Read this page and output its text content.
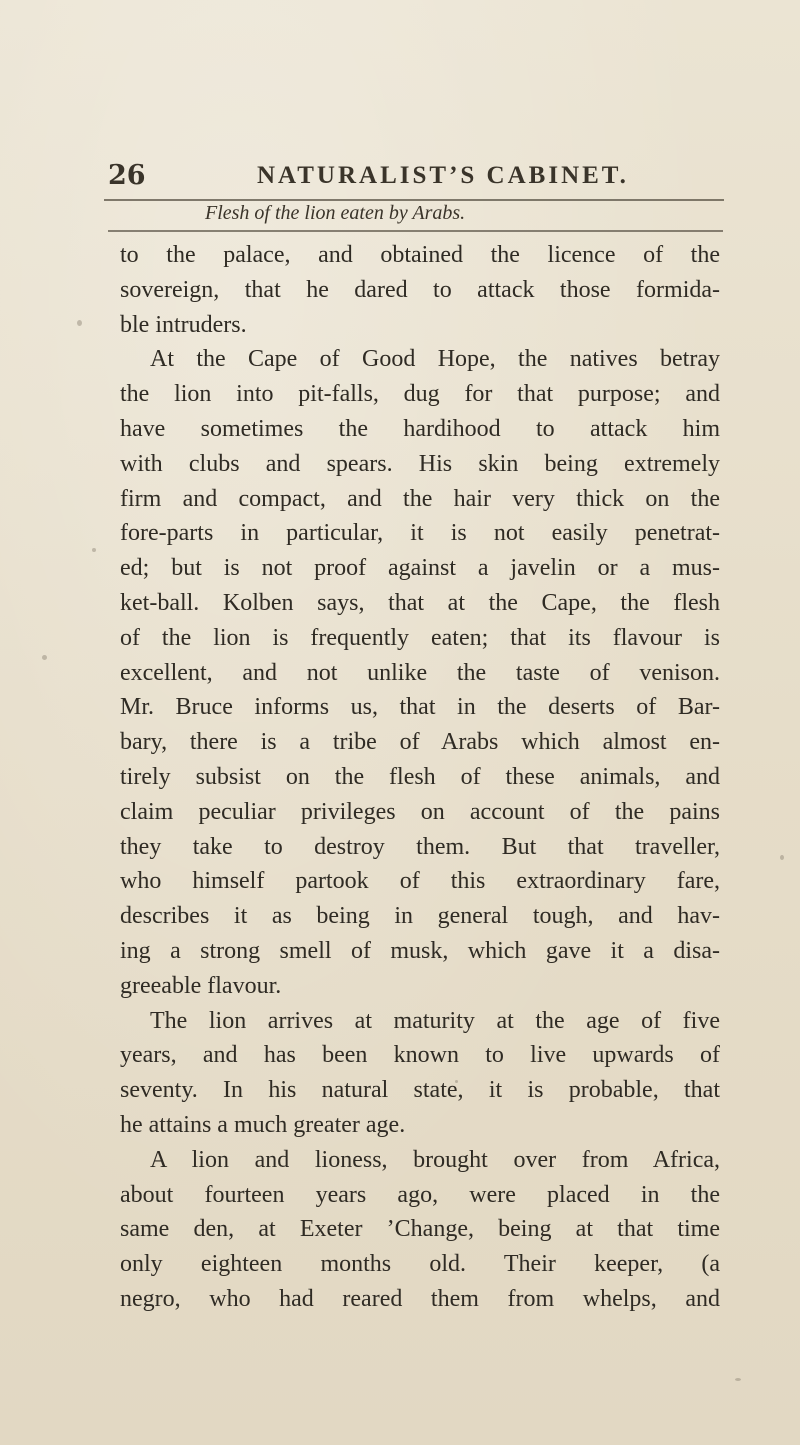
26	NATURALIST’S CABINET.
Flesh of the lion eaten by Arabs.
to the palace, and obtained the licence of the
sovereign, that he dared to attack those formida-
ble intruders.
At the Cape of Good Hope, the natives betray
the lion into pit-falls, dug for that purpose; and
have sometimes the hardihood to attack him
with clubs and spears. His skin being extremely
firm and compact, and the hair very thick on the
fore-parts in particular, it is not easily penetrat-
ed; but is not proof against a javelin or a mus-
ket-ball. Kolben says, that at the Cape, the flesh
of the lion is frequently eaten; that its flavour is
excellent, and not unlike the taste of venison.
Mr. Bruce informs us, that in the deserts of Bar-
bary, there is a tribe of Arabs which almost en-
tirely subsist on the flesh of these animals, and
claim peculiar privileges on account of the pains
they take to destroy them. But that traveller,
who himself partook of this extraordinary fare,
describes it as being in general tough, and hav-
ing a strong smell of musk, which gave it a disa-
greeable flavour.
The lion arrives at maturity at the age of five
years, and has been known to live upwards of
seventy. In his natural state, it is probable, that
he attains a much greater age.
A lion and lioness, brought over from Africa,
about fourteen years ago, were placed in the
same den, at Exeter ’Change, being at that time
only eighteen months old. Their keeper, (a
negro, who had reared them from whelps, and
